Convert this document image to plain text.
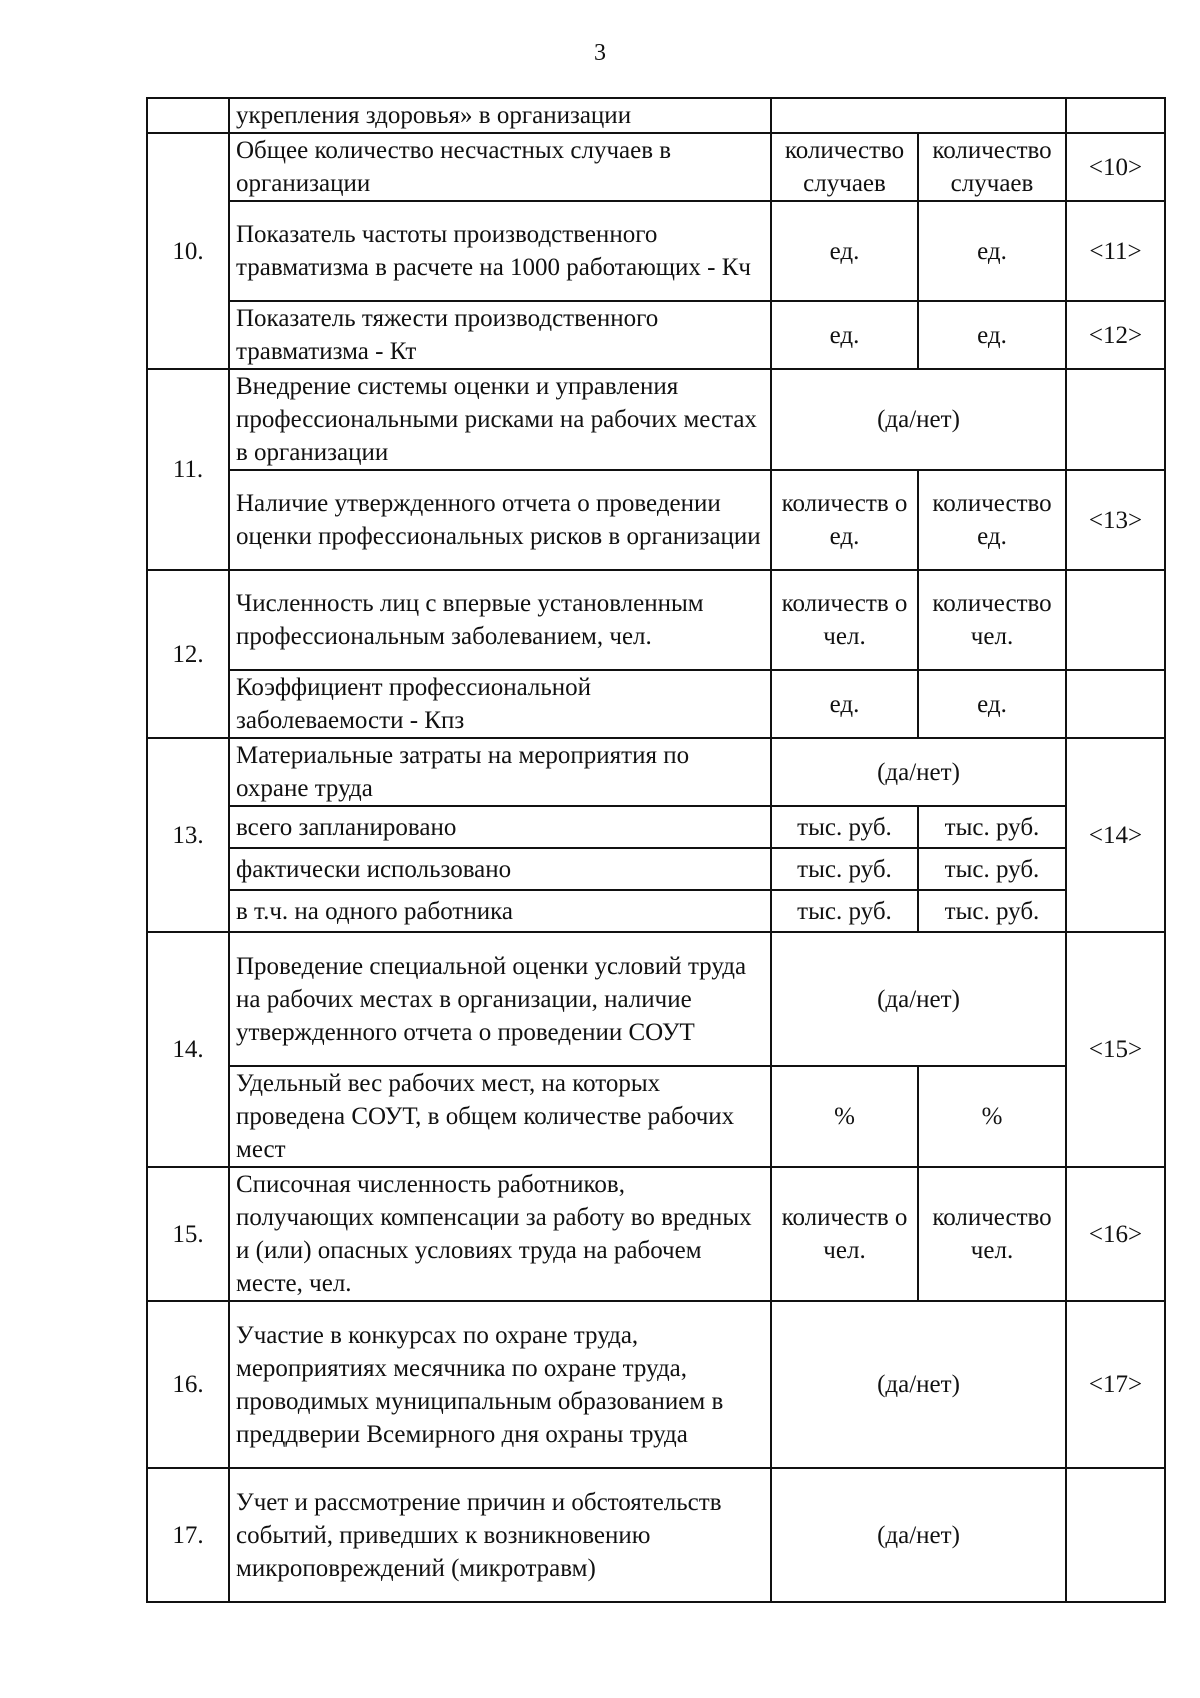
3
	укрепления здоровья» в организации			
10.	Общее количество несчастных случаев в организации	количество случаев	количество случаев	<10>
	Показатель частоты производственного травматизма в расчете на 1000 работающих - Кч	ед.	ед.	<11>
	Показатель тяжести производственного травматизма - Кт	ед.	ед.	<12>
11.	Внедрение системы оценки и управления профессиональными рисками на рабочих местах в организации	(да/нет)		
	Наличие утвержденного отчета о проведении оценки профессиональных рисков в организации	количеств о ед.	количество ед.	<13>
12.	Численность лиц с впервые установленным профессиональным заболеванием, чел.	количеств о чел.	количество чел.	
	Коэффициент профессиональной заболеваемости - Кпз	ед.	ед.	
13.	Материальные затраты на мероприятия по охране труда	(да/нет)		<14>
	всего запланировано	тыс. руб.	тыс. руб.	
	фактически использовано	тыс. руб.	тыс. руб.	
	в т.ч. на одного работника	тыс. руб.	тыс. руб.	
14.	Проведение специальной оценки условий труда на рабочих местах в организации, наличие утвержденного отчета о проведении СОУТ	(да/нет)		<15>
	Удельный вес рабочих мест, на которых проведена СОУТ, в общем количестве рабочих мест	%	%	
15.	Списочная численность работников, получающих компенсации за работу во вредных и (или) опасных условиях труда на рабочем месте, чел.	количеств о чел.	количество чел.	<16>
16.	Участие в конкурсах по охране труда, мероприятиях месячника по охране труда, проводимых муниципальным образованием в преддверии Всемирного дня охраны труда	(да/нет)		<17>
17.	Учет и рассмотрение причин и обстоятельств событий, приведших к возникновению микроповреждений (микротравм)	(да/нет)		
